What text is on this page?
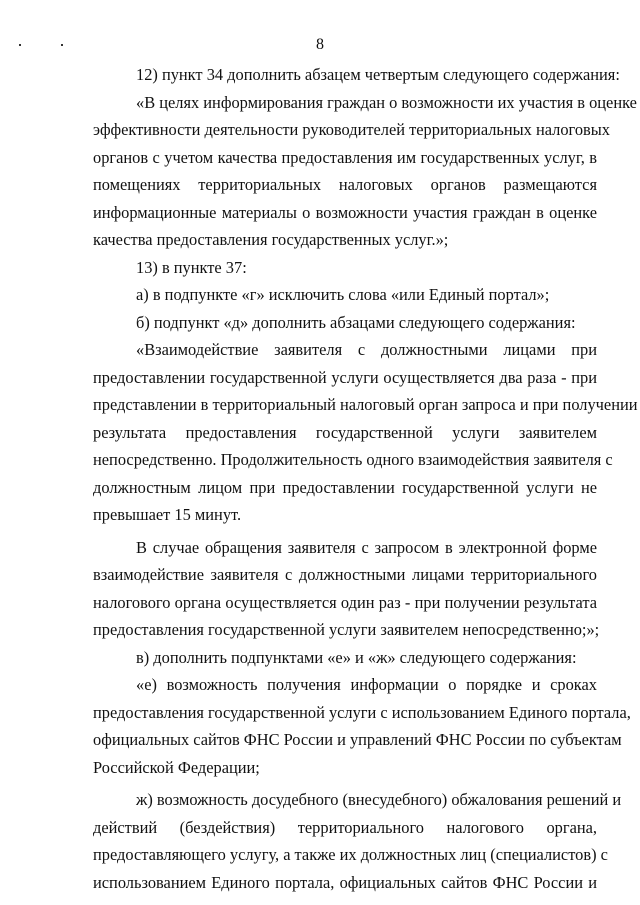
8
12) пункт 34 дополнить абзацем четвертым следующего содержания:
«В целях информирования граждан о возможности их участия в оценке
эффективности деятельности руководителей территориальных налоговых
органов с учетом качества предоставления им государственных услуг, в
помещениях территориальных налоговых органов размещаются
информационные материалы о возможности участия граждан в оценке
качества предоставления государственных услуг.»;
13) в пункте 37:
а) в подпункте «г» исключить слова «или Единый портал»;
б) подпункт «д» дополнить абзацами следующего содержания:
«Взаимодействие заявителя с должностными лицами при
предоставлении государственной услуги осуществляется два раза - при
представлении в территориальный налоговый орган запроса и при получении
результата предоставления государственной услуги заявителем
непосредственно. Продолжительность одного взаимодействия заявителя с
должностным лицом при предоставлении государственной услуги не
превышает 15 минут.
В случае обращения заявителя с запросом в электронной форме
взаимодействие заявителя с должностными лицами территориального
налогового органа осуществляется один раз - при получении результата
предоставления государственной услуги заявителем непосредственно;»;
в) дополнить подпунктами «е» и «ж» следующего содержания:
«е) возможность получения информации о порядке и сроках
предоставления государственной услуги с использованием Единого портала,
официальных сайтов ФНС России и управлений ФНС России по субъектам
Российской Федерации;
ж) возможность досудебного (внесудебного) обжалования решений и
действий (бездействия) территориального налогового органа,
предоставляющего услугу, а также их должностных лиц (специалистов) с
использованием Единого портала, официальных сайтов ФНС России и
